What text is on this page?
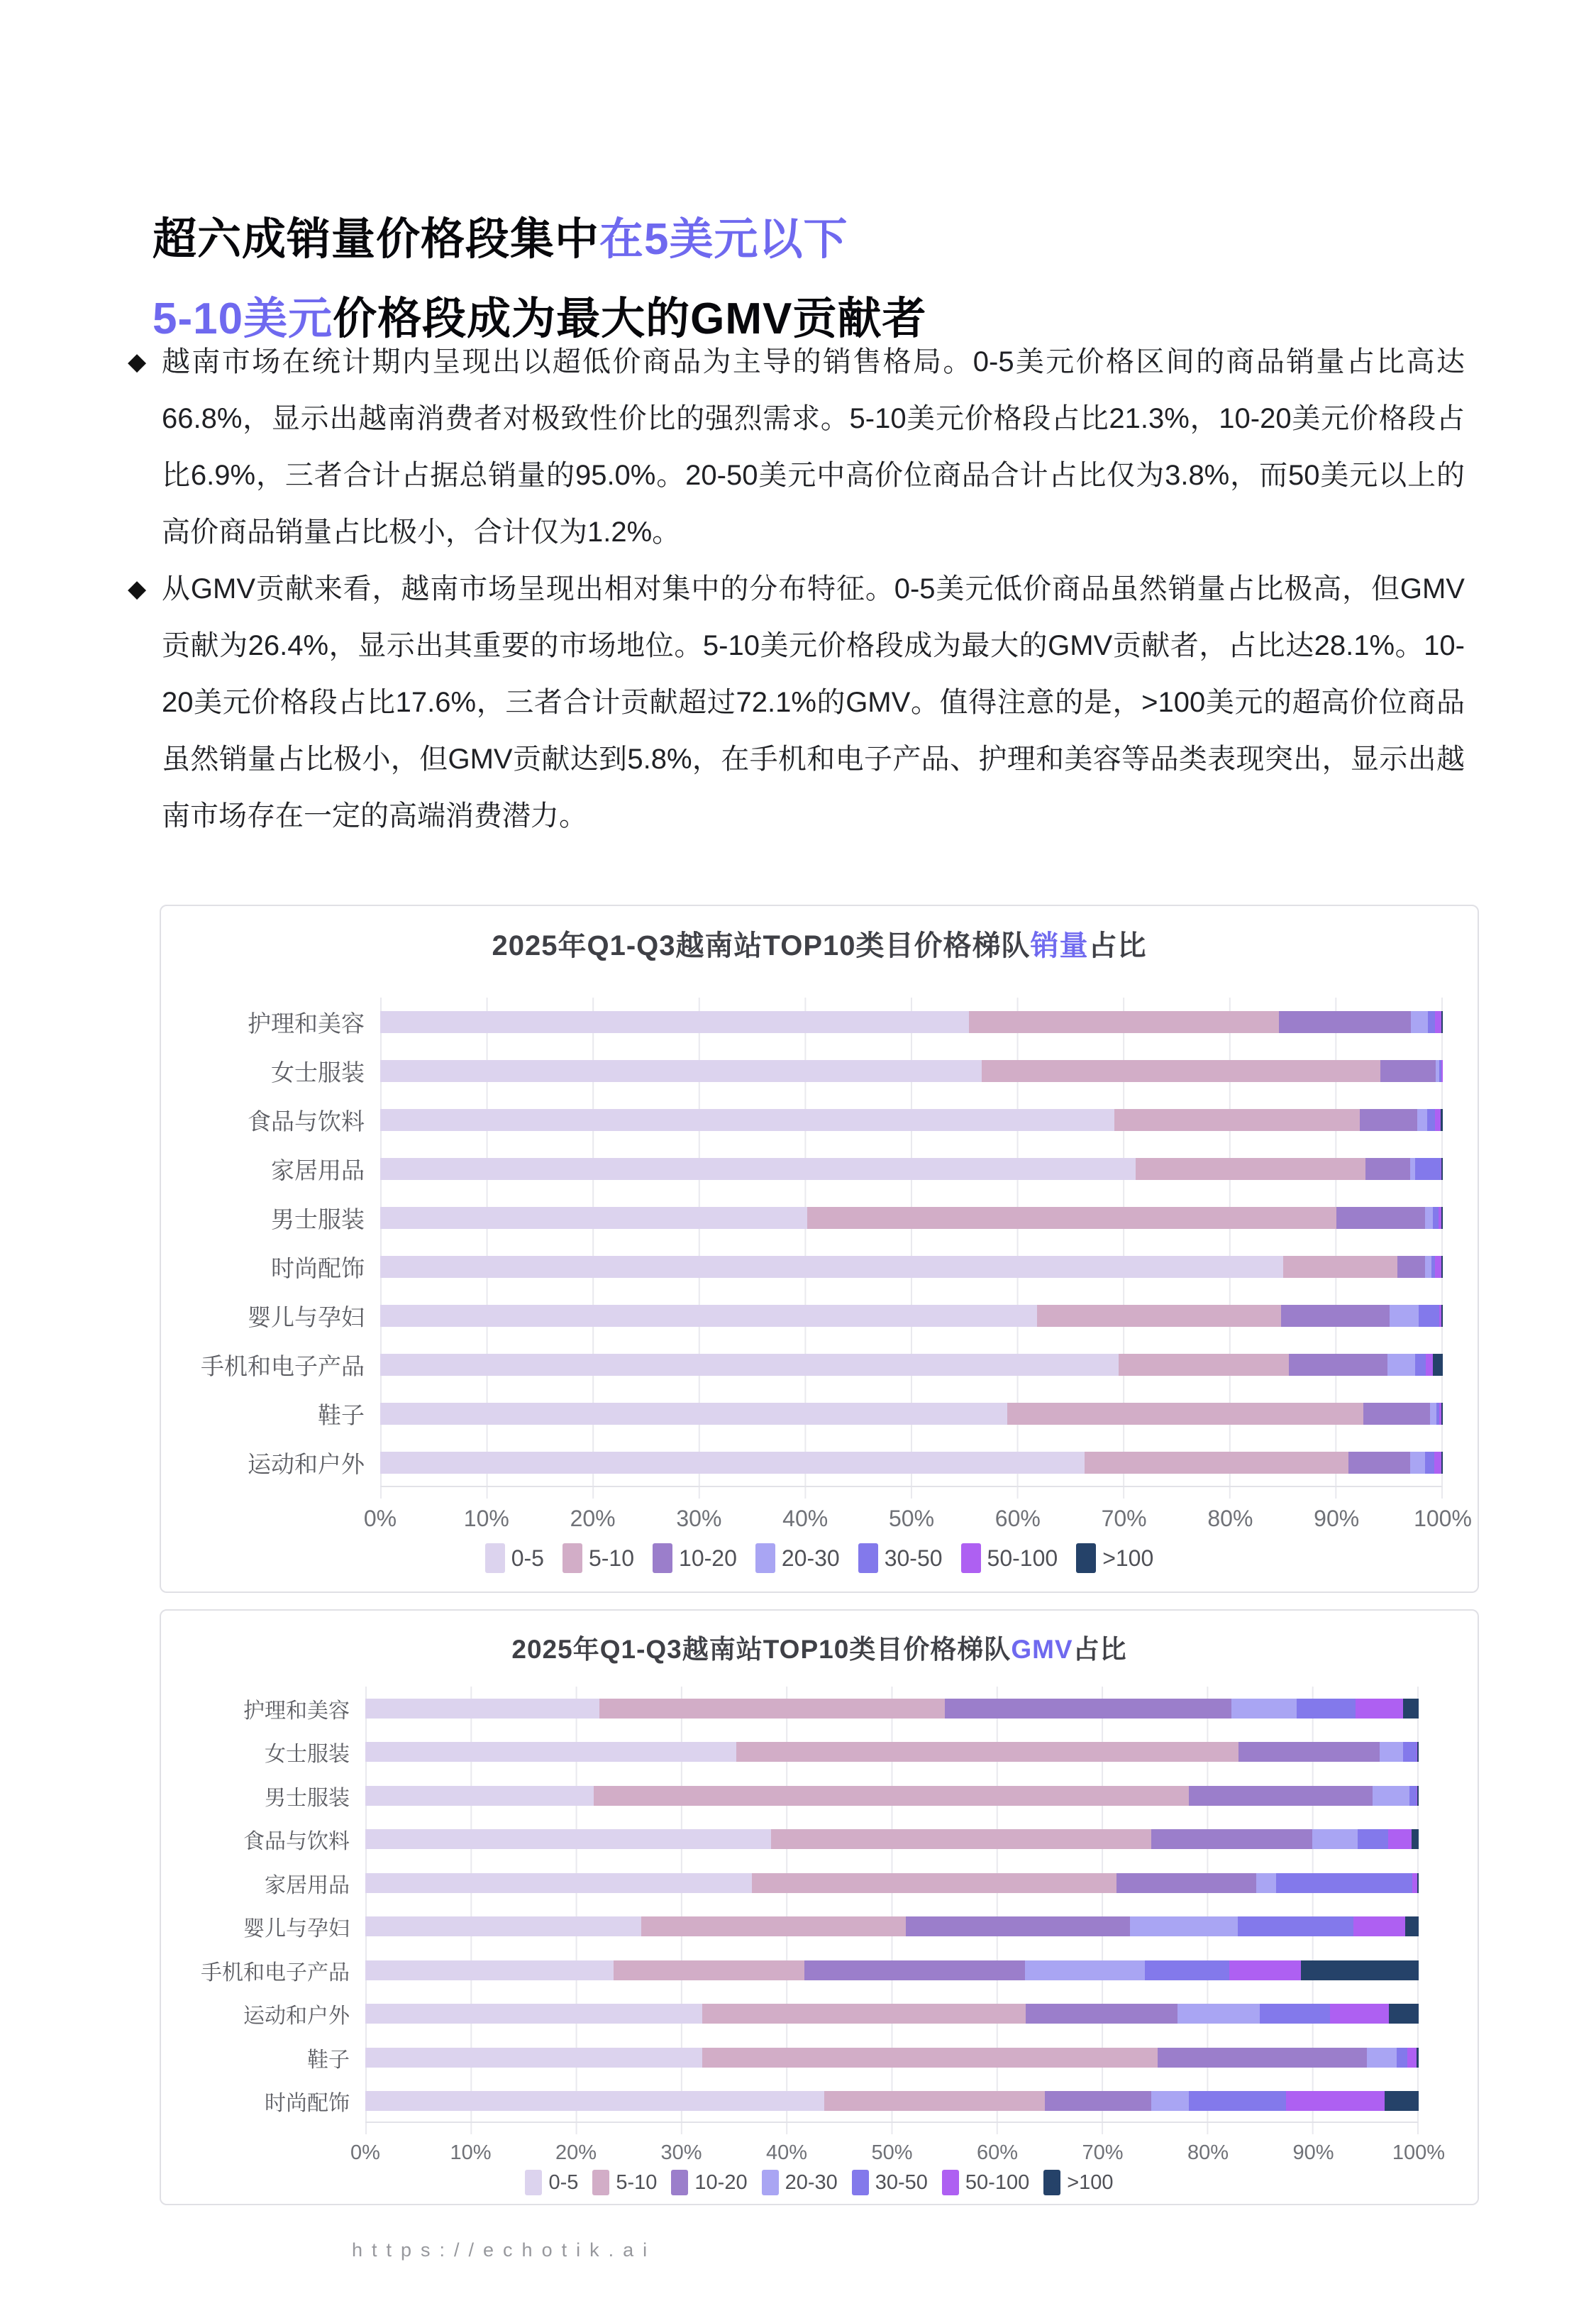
超六成销量价格段集中在5美元以下
5-10美元价格段成为最大的GMV贡献者
◆ 越南市场在统计期内呈现出以超低价商品为主导的销售格局。0-5美元价格区间的商品销量占比高达66.8%，显示出越南消费者对极致性价比的强烈需求。5-10美元价格段占比21.3%，10-20美元价格段占比6.9%，三者合计占据总销量的95.0%。20-50美元中高价位商品合计占比仅为3.8%，而50美元以上的高价商品销量占比极小，合计仅为1.2%。
◆ 从GMV贡献来看，越南市场呈现出相对集中的分布特征。0-5美元低价商品虽然销量占比极高，但GMV贡献为26.4%，显示出其重要的市场地位。5-10美元价格段成为最大的GMV贡献者，占比达28.1%。10-20美元价格段占比17.6%，三者合计贡献超过72.1%的GMV。值得注意的是，>100美元的超高价位商品虽然销量占比极小，但GMV贡献达到5.8%，在手机和电子产品、护理和美容等品类表现突出，显示出越南市场存在一定的高端消费潜力。
2025年Q1-Q3越南站TOP10类目价格梯队销量占比
护理和美容
女士服装
食品与饮料
家居用品
男士服装
时尚配饰
婴儿与孕妇
手机和电子产品
鞋子
运动和户外
0%	10%	20%	30%	40%	50%	60%	70%	80%	90% 100%
0-5 5-10 10-20 20-30 30-50 50-100 >100
2025年Q1-Q3越南站TOP10类目价格梯队GMV占比
护理和美容
女士服装
男士服装
食品与饮料
家居用品
婴儿与孕妇
手机和电子产品
运动和户外
鞋子
时尚配饰
0%	10%	20%	30%	40%	50%	60%	70%	80%	90%	100%
0-5 5-10 10-20 20-30 30-50 50-100 >100
https://echotik.ai
